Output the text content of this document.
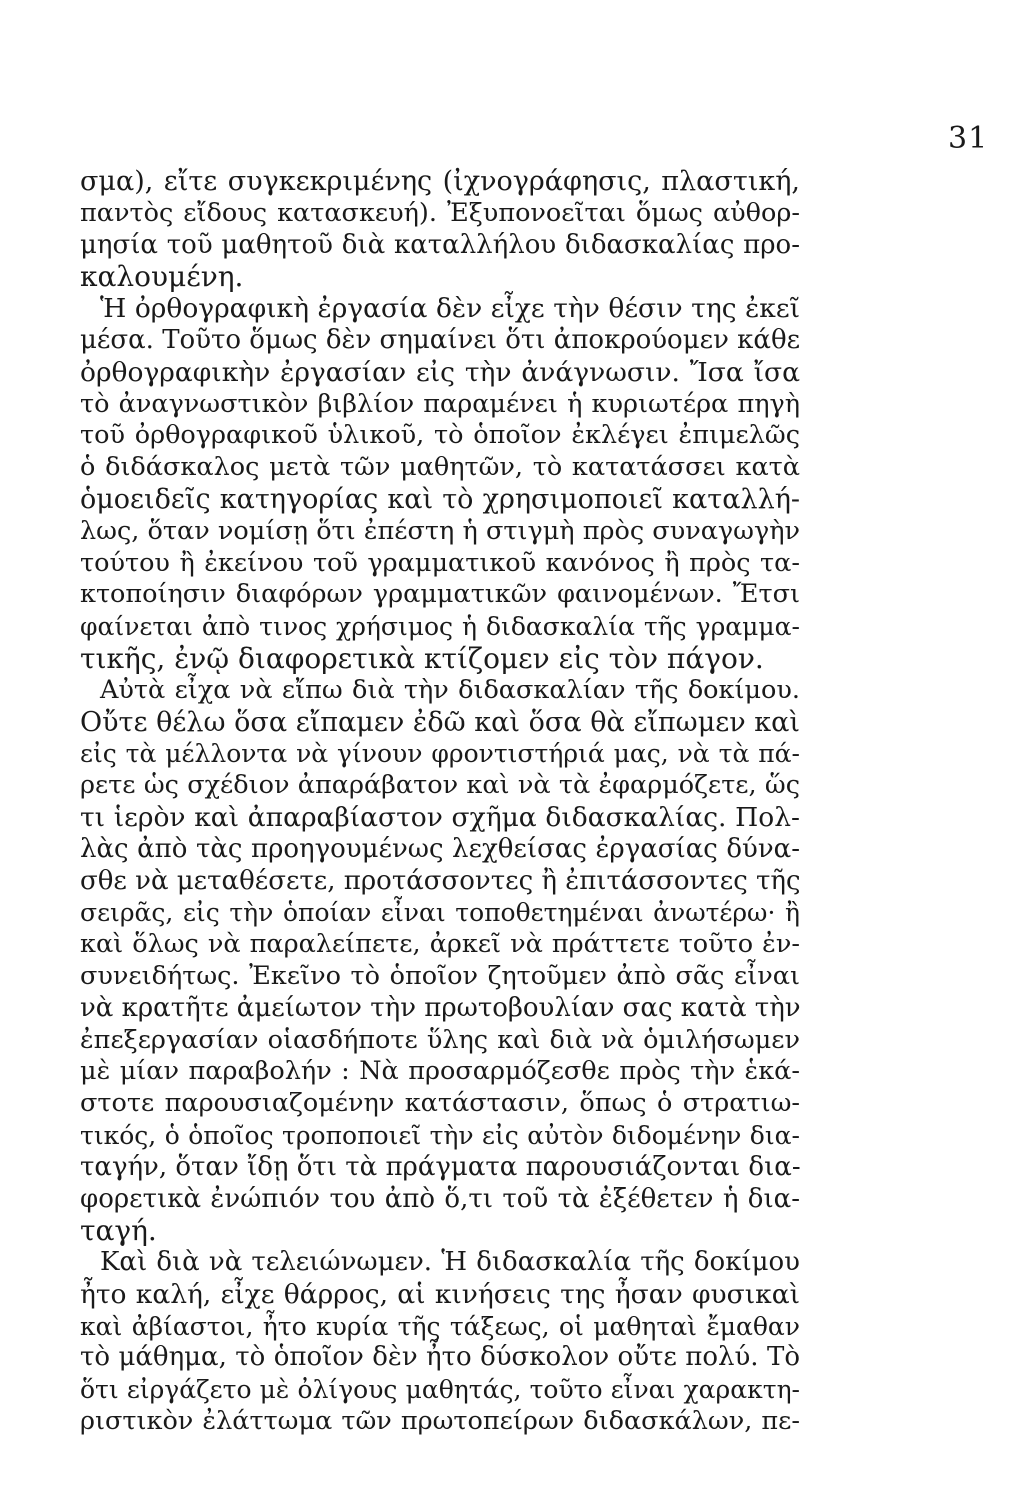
31
σμα), εἴτε συγκεκριμένης (ἰχνογράφησις, πλαστική,
παντὸς εἴδους κατασκευή). Ἐξυπονοεῖται ὅμως αὐθορ-
μησία τοῦ μαθητοῦ διὰ καταλλήλου διδασκαλίας προ-
καλουμένη.
Ἡ ὀρθογραφικὴ ἐργασία δὲν εἶχε τὴν θέσιν της ἐκεῖ
μέσα. Τοῦτο ὅμως δὲν σημαίνει ὅτι ἀποκρούομεν κάθε
ὀρθογραφικὴν ἐργασίαν εἰς τὴν ἀνάγνωσιν. Ἴσα ἴσα
τὸ ἀναγνωστικὸν βιβλίον παραμένει ἡ κυριωτέρα πηγὴ
τοῦ ὀρθογραφικοῦ ὑλικοῦ, τὸ ὁποῖον ἐκλέγει ἐπιμελῶς
ὁ διδάσκαλος μετὰ τῶν μαθητῶν, τὸ κατατάσσει κατὰ
ὁμοειδεῖς κατηγορίας καὶ τὸ χρησιμοποιεῖ καταλλή-
λως, ὅταν νομίσῃ ὅτι ἐπέστη ἡ στιγμὴ πρὸς συναγωγὴν
τούτου ἢ ἐκείνου τοῦ γραμματικοῦ κανόνος ἢ πρὸς τα-
κτοποίησιν διαφόρων γραμματικῶν φαινομένων. Ἔτσι
φαίνεται ἀπὸ τινος χρήσιμος ἡ διδασκαλία τῆς γραμμα-
τικῆς, ἐνῷ διαφορετικὰ κτίζομεν εἰς τὸν πάγον.
Αὐτὰ εἶχα νὰ εἴπω διὰ τὴν διδασκαλίαν τῆς δοκίμου.
Οὔτε θέλω ὅσα εἴπαμεν ἐδῶ καὶ ὅσα θὰ εἴπωμεν καὶ
εἰς τὰ μέλλοντα νὰ γίνουν φροντιστήριά μας, νὰ τὰ πά-
ρετε ὡς σχέδιον ἀπαράβατον καὶ νὰ τὰ ἐφαρμόζετε, ὥς
τι ἱερὸν καὶ ἀπαραβίαστον σχῆμα διδασκαλίας. Πολ-
λὰς ἀπὸ τὰς προηγουμένως λεχθείσας ἐργασίας δύνα-
σθε νὰ μεταθέσετε, προτάσσοντες ἢ ἐπιτάσσοντες τῆς
σειρᾶς, εἰς τὴν ὁποίαν εἶναι τοποθετημέναι ἀνωτέρω· ἢ
καὶ ὅλως νὰ παραλείπετε, ἀρκεῖ νὰ πράττετε τοῦτο ἐν-
συνειδήτως. Ἐκεῖνο τὸ ὁποῖον ζητοῦμεν ἀπὸ σᾶς εἶναι
νὰ κρατῆτε ἀμείωτον τὴν πρωτοβουλίαν σας κατὰ τὴν
ἐπεξεργασίαν οἱασδήποτε ὕλης καὶ διὰ νὰ ὁμιλήσωμεν
μὲ μίαν παραβολήν : Νὰ προσαρμόζεσθε πρὸς τὴν ἑκά-
στοτε παρουσιαζομένην κατάστασιν, ὅπως ὁ στρατιω-
τικός, ὁ ὁποῖος τροποποιεῖ τὴν εἰς αὐτὸν διδομένην δια-
ταγήν, ὅταν ἴδῃ ὅτι τὰ πράγματα παρουσιάζονται δια-
φορετικὰ ἐνώπιόν του ἀπὸ ὅ,τι τοῦ τὰ ἐξέθετεν ἡ δια-
ταγή.
Καὶ διὰ νὰ τελειώνωμεν. Ἡ διδασκαλία τῆς δοκίμου
ἦτο καλή, εἶχε θάρρος, αἱ κινήσεις της ἦσαν φυσικαὶ
καὶ ἀβίαστοι, ἦτο κυρία τῆς τάξεως, οἱ μαθηταὶ ἔμαθαν
τὸ μάθημα, τὸ ὁποῖον δὲν ἦτο δύσκολον οὔτε πολύ. Τὸ
ὅτι εἰργάζετο μὲ ὀλίγους μαθητάς, τοῦτο εἶναι χαρακτη-
ριστικὸν ἐλάττωμα τῶν πρωτοπείρων διδασκάλων, πε-
